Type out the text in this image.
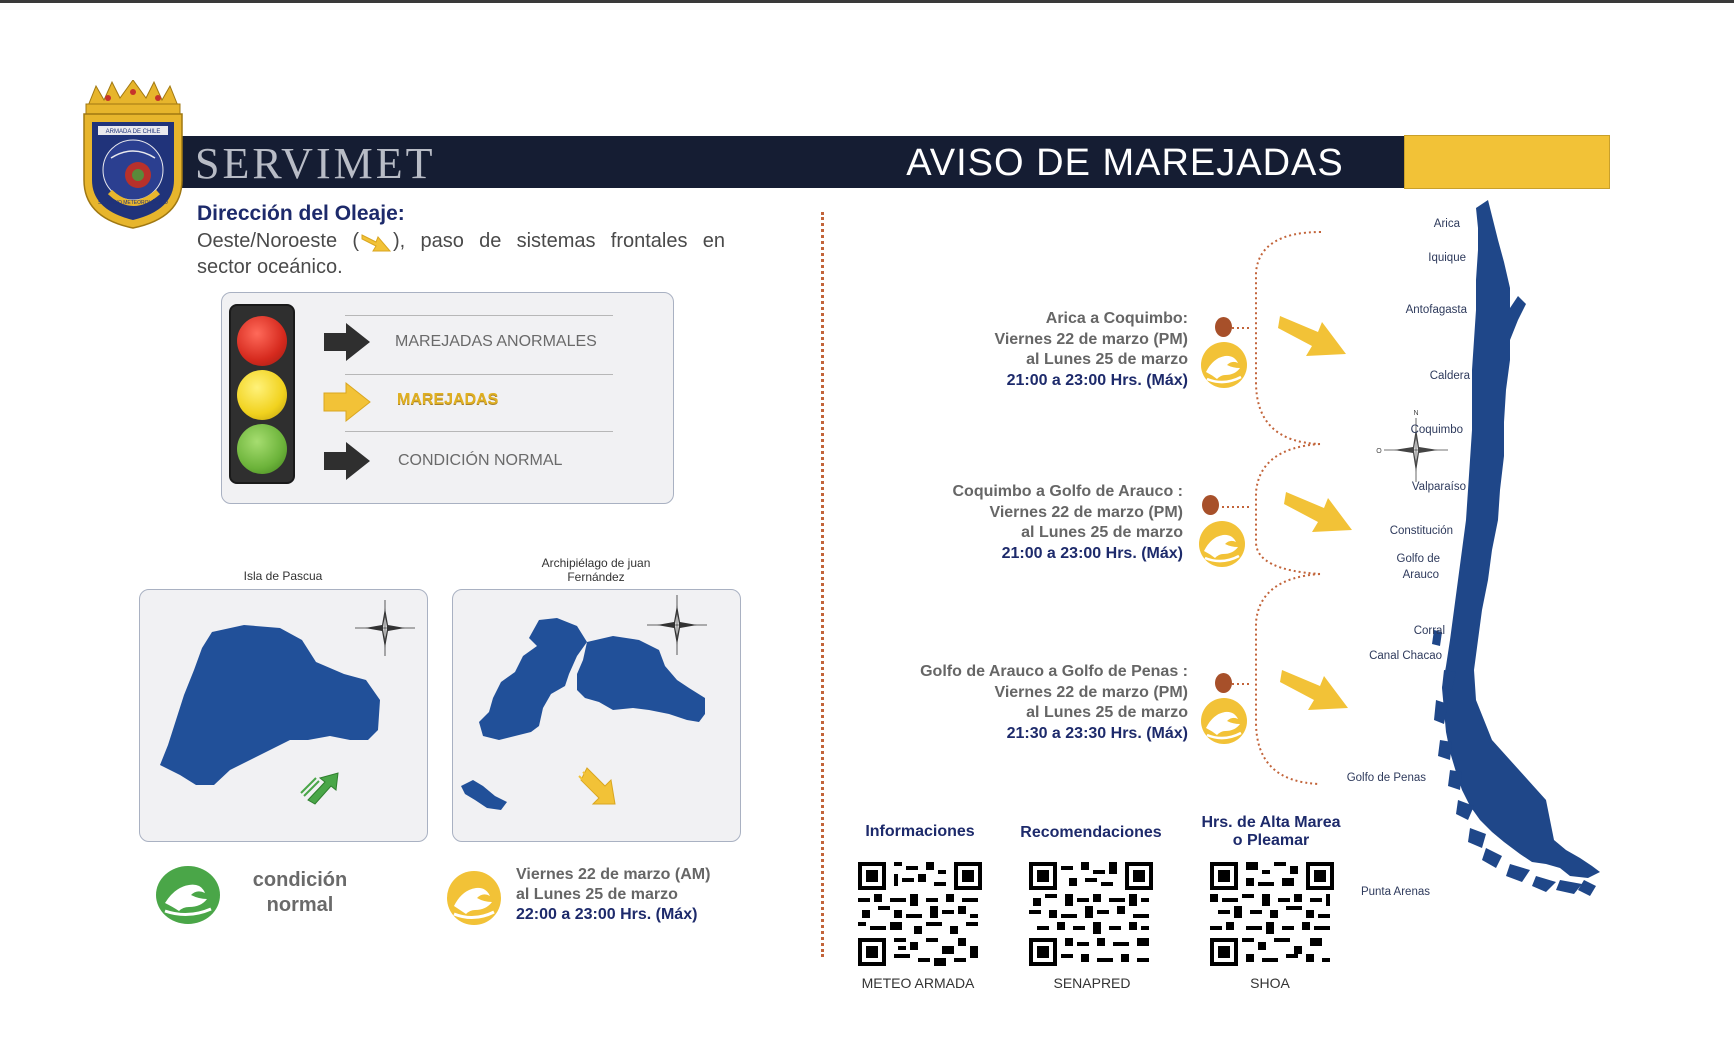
SERVIMET	AVISO DE MAREJADAS
ARMADA DE CHILE
SERVICIO METEOROLÓGICO Dirección del Oleaje:
Oeste/Noroeste ( ), paso de sistemas frontales en sector oceánico.
MAREJADAS ANORMALES
MAREJADAS
CONDICIÓN NORMAL
Isla de Pascua
Archipiélago de juan
Fernández
condición
normal
Viernes 22 de marzo (AM)
al Lunes 25 de marzo
22:00 a 23:00 Hrs. (Máx)
Arica a Coquimbo:
Viernes 22 de marzo (PM)
al Lunes 25 de marzo
21:00 a 23:00 Hrs. (Máx)
Coquimbo a Golfo de Arauco :
Viernes 22 de marzo (PM)
al Lunes 25 de marzo
21:00 a 23:00 Hrs. (Máx)
Golfo de Arauco a Golfo de Penas :
Viernes 22 de marzo (PM)
al Lunes 25 de marzo
21:30 a 23:30 Hrs. (Máx)
N
O
Arica
Iquique
Antofagasta
Caldera
Coquimbo
Valparaíso
Constitución
Golfo de
Arauco
Corral
Canal Chacao
Golfo de Penas
Punta Arenas
Informaciones	Recomendaciones
Hrs. de Alta Marea
o Pleamar
METEO ARMADA	SENAPRED	SHOA
